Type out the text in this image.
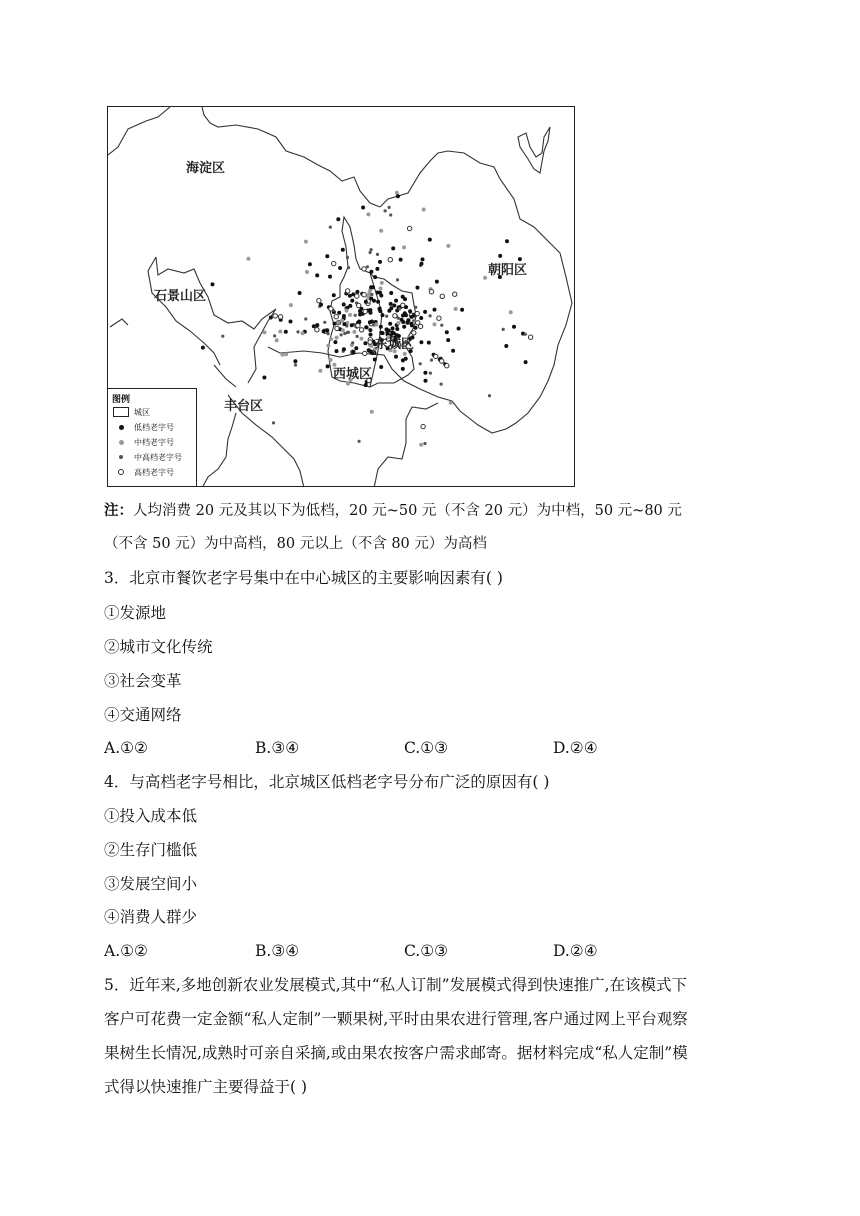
海淀区
朝阳区
石景山区
东城区
西城区
丰台区
图例
城区
低档老字号
中档老字号
中高档老字号
高档老字号
注：人均消费 20 元及其以下为低档，20 元~50 元（不含 20 元）为中档，50 元~80 元
（不含 50 元）为中高档，80 元以上（不含 80 元）为高档
3．北京市餐饮老字号集中在中心城区的主要影响因素有( )
①发源地
②城市文化传统
③社会变革
④交通网络
A.①②	B.③④	C.①③	D.②④
4．与高档老字号相比，北京城区低档老字号分布广泛的原因有( )
①投入成本低
②生存门槛低
③发展空间小
④消费人群少
A.①②	B.③④	C.①③	D.②④
5．近年来,多地创新农业发展模式,其中“私人订制”发展模式得到快速推广,在该模式下
客户可花费一定金额“私人定制”一颗果树,平时由果农进行管理,客户通过网上平台观察
果树生长情况,成熟时可亲自采摘,或由果农按客户需求邮寄。据材料完成“私人定制”模
式得以快速推广主要得益于( )
